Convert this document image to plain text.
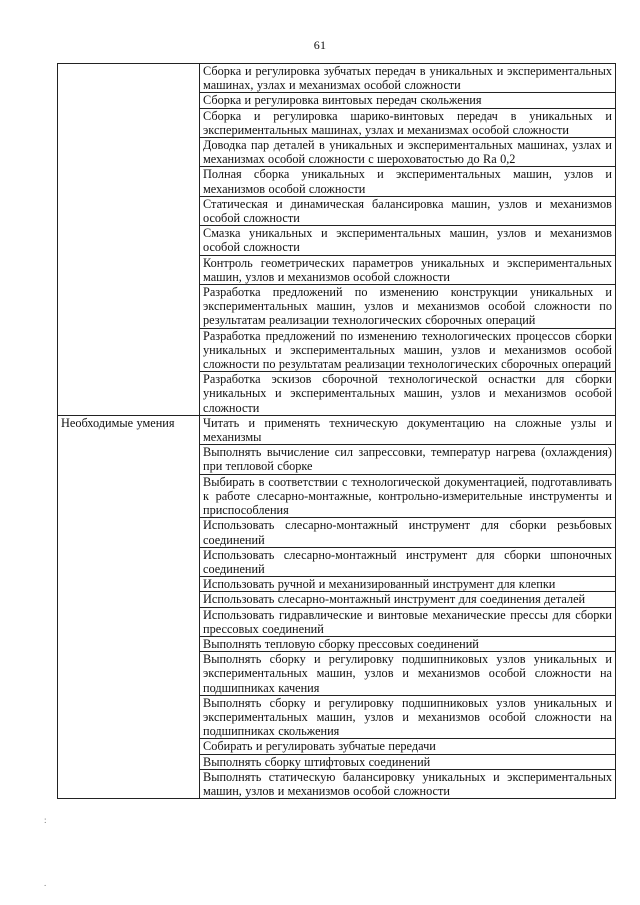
61
	Сборка и регулировка зубчатых передач в уникальных и экспериментальных машинах, узлах и механизмах особой сложности
	Сборка и регулировка винтовых передач скольжения
	Сборка и регулировка шарико-винтовых передач в уникальных и экспериментальных машинах, узлах и механизмах особой сложности
	Доводка пар деталей в уникальных и экспериментальных машинах, узлах и механизмах особой сложности с шероховатостью до Ra 0,2
	Полная сборка уникальных и экспериментальных машин, узлов и механизмов особой сложности
	Статическая и динамическая балансировка машин, узлов и механизмов особой сложности
	Смазка уникальных и экспериментальных машин, узлов и механизмов особой сложности
	Контроль геометрических параметров уникальных и экспериментальных машин, узлов и механизмов особой сложности
	Разработка предложений по изменению конструкции уникальных и экспериментальных машин, узлов и механизмов особой сложности по результатам реализации технологических сборочных операций
	Разработка предложений по изменению технологических процессов сборки уникальных и экспериментальных машин, узлов и механизмов особой сложности по результатам реализации технологических сборочных операций
	Разработка эскизов сборочной технологической оснастки для сборки уникальных и экспериментальных машин, узлов и механизмов особой сложности
Необходимые умения	Читать и применять техническую документацию на сложные узлы и механизмы
	Выполнять вычисление сил запрессовки, температур нагрева (охлаждения) при тепловой сборке
	Выбирать в соответствии с технологической документацией, подготавливать к работе слесарно-монтажные, контрольно-измерительные инструменты и приспособления
	Использовать слесарно-монтажный инструмент для сборки резьбовых соединений
	Использовать слесарно-монтажный инструмент для сборки шпоночных соединений
	Использовать ручной и механизированный инструмент для клепки
	Использовать слесарно-монтажный инструмент для соединения деталей
	Использовать гидравлические и винтовые механические прессы для сборки прессовых соединений
	Выполнять тепловую сборку прессовых соединений
	Выполнять сборку и регулировку подшипниковых узлов уникальных и экспериментальных машин, узлов и механизмов особой сложности на подшипниках качения
	Выполнять сборку и регулировку подшипниковых узлов уникальных и экспериментальных машин, узлов и механизмов особой сложности на подшипниках скольжения
	Собирать и регулировать зубчатые передачи
	Выполнять сборку штифтовых соединений
	Выполнять статическую балансировку уникальных и экспериментальных машин, узлов и механизмов особой сложности
:
.
